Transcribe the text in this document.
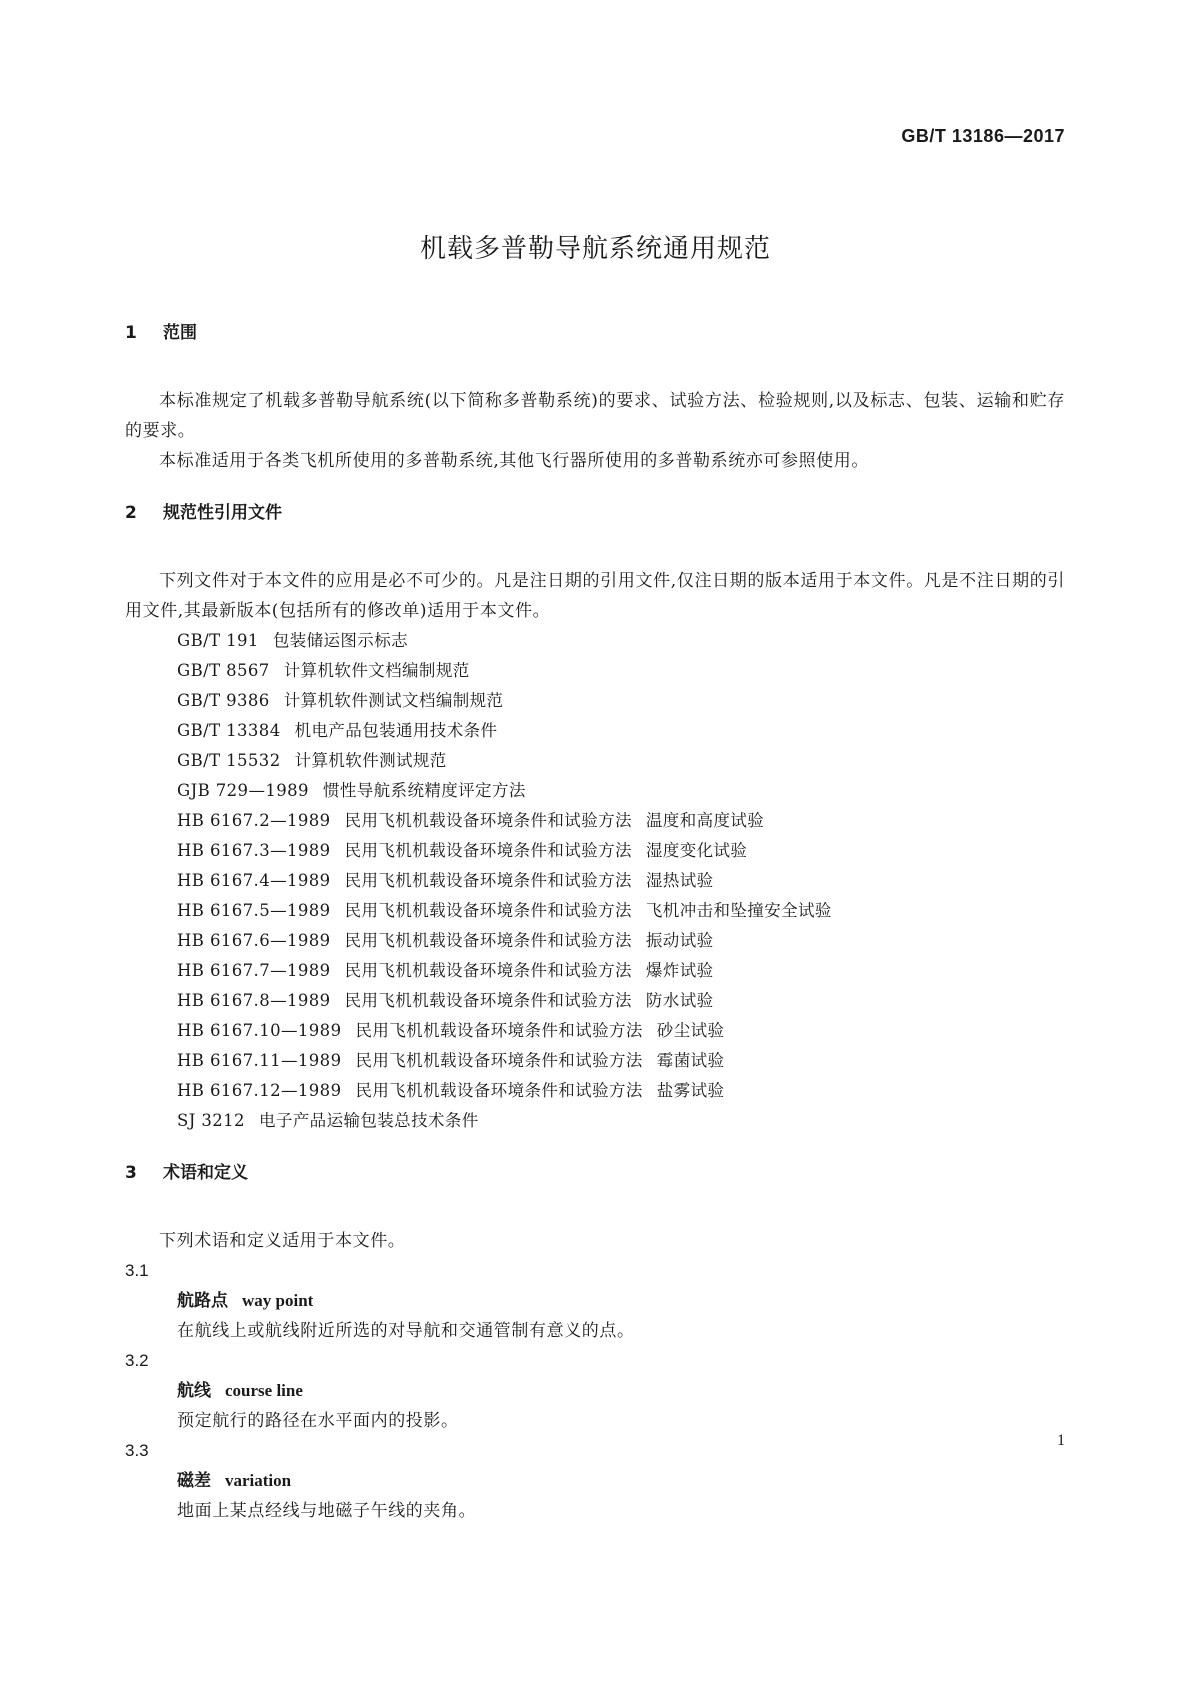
GB/T 13186—2017
机载多普勒导航系统通用规范
1 范围

本标准规定了机载多普勒导航系统(以下简称多普勒系统)的要求、试验方法、检验规则,以及标志、包装、运输和贮存的要求。

本标准适用于各类飞机所使用的多普勒系统,其他飞行器所使用的多普勒系统亦可参照使用。

2 规范性引用文件

下列文件对于本文件的应用是必不可少的。凡是注日期的引用文件,仅注日期的版本适用于本文件。凡是不注日期的引用文件,其最新版本(包括所有的修改单)适用于本文件。

GB/T 191 包装储运图示标志
GB/T 8567 计算机软件文档编制规范
GB/T 9386 计算机软件测试文档编制规范
GB/T 13384 机电产品包装通用技术条件
GB/T 15532 计算机软件测试规范
GJB 729—1989 惯性导航系统精度评定方法
HB 6167.2—1989 民用飞机机载设备环境条件和试验方法 温度和高度试验
HB 6167.3—1989 民用飞机机载设备环境条件和试验方法 湿度变化试验
HB 6167.4—1989 民用飞机机载设备环境条件和试验方法 湿热试验
HB 6167.5—1989 民用飞机机载设备环境条件和试验方法 飞机冲击和坠撞安全试验
HB 6167.6—1989 民用飞机机载设备环境条件和试验方法 振动试验
HB 6167.7—1989 民用飞机机载设备环境条件和试验方法 爆炸试验
HB 6167.8—1989 民用飞机机载设备环境条件和试验方法 防水试验
HB 6167.10—1989 民用飞机机载设备环境条件和试验方法 砂尘试验
HB 6167.11—1989 民用飞机机载设备环境条件和试验方法 霉菌试验
HB 6167.12—1989 民用飞机机载设备环境条件和试验方法 盐雾试验
SJ 3212 电子产品运输包装总技术条件
3 术语和定义

下列术语和定义适用于本文件。

3.1
航路点 way point
在航线上或航线附近所选的对导航和交通管制有意义的点。
3.2
航线 course line
预定航行的路径在水平面内的投影。
3.3
磁差 variation
地面上某点经线与地磁子午线的夹角。
1
